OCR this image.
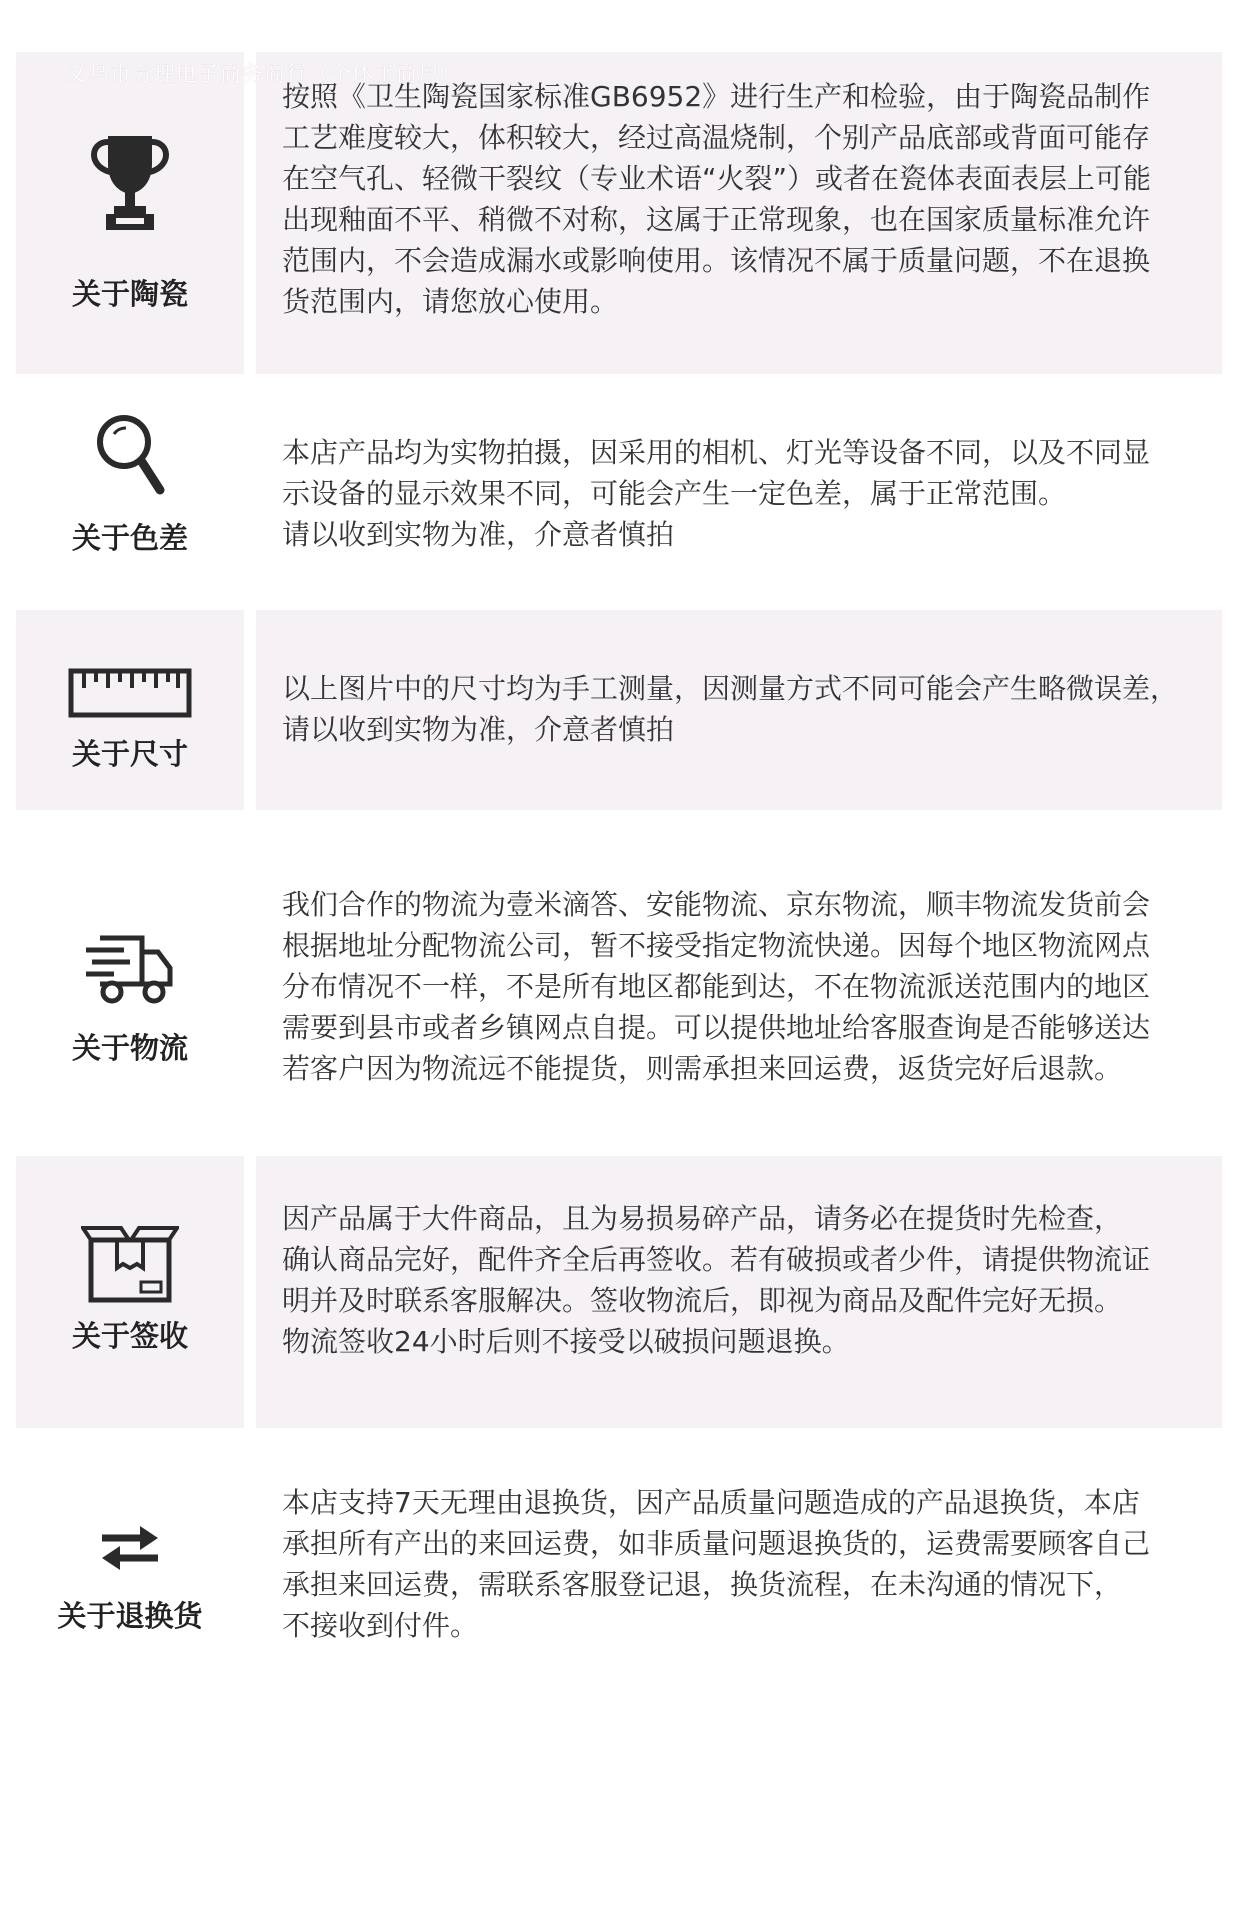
义乌市分理电子商务商行（个体工商户）
关于陶瓷

按照《卫生陶瓷国家标准GB6952》进行生产和检验，由于陶瓷品制作
工艺难度较大，体积较大，经过高温烧制，个别产品底部或背面可能存
在空气孔、轻微干裂纹（专业术语“火裂”）或者在瓷体表面表层上可能
出现釉面不平、稍微不对称，这属于正常现象，也在国家质量标准允许
范围内，不会造成漏水或影响使用。该情况不属于质量问题，不在退换
货范围内，请您放心使用。

关于色差

本店产品均为实物拍摄，因采用的相机、灯光等设备不同，以及不同显
示设备的显示效果不同，可能会产生一定色差，属于正常范围。
请以收到实物为准，介意者慎拍

关于尺寸

以上图片中的尺寸均为手工测量，因测量方式不同可能会产生略微误差，
请以收到实物为准，介意者慎拍

关于物流

我们合作的物流为壹米滴答、安能物流、京东物流，顺丰物流发货前会
根据地址分配物流公司，暂不接受指定物流快递。因每个地区物流网点
分布情况不一样，不是所有地区都能到达，不在物流派送范围内的地区
需要到县市或者乡镇网点自提。可以提供地址给客服查询是否能够送达
若客户因为物流远不能提货，则需承担来回运费，返货完好后退款。

关于签收

因产品属于大件商品，且为易损易碎产品，请务必在提货时先检查，
确认商品完好，配件齐全后再签收。若有破损或者少件，请提供物流证
明并及时联系客服解决。签收物流后，即视为商品及配件完好无损。
物流签收24小时后则不接受以破损问题退换。

关于退换货

本店支持7天无理由退换货，因产品质量问题造成的产品退换货，本店
承担所有产出的来回运费，如非质量问题退换货的，运费需要顾客自己
承担来回运费，需联系客服登记退，换货流程，在未沟通的情况下，
不接收到付件。
